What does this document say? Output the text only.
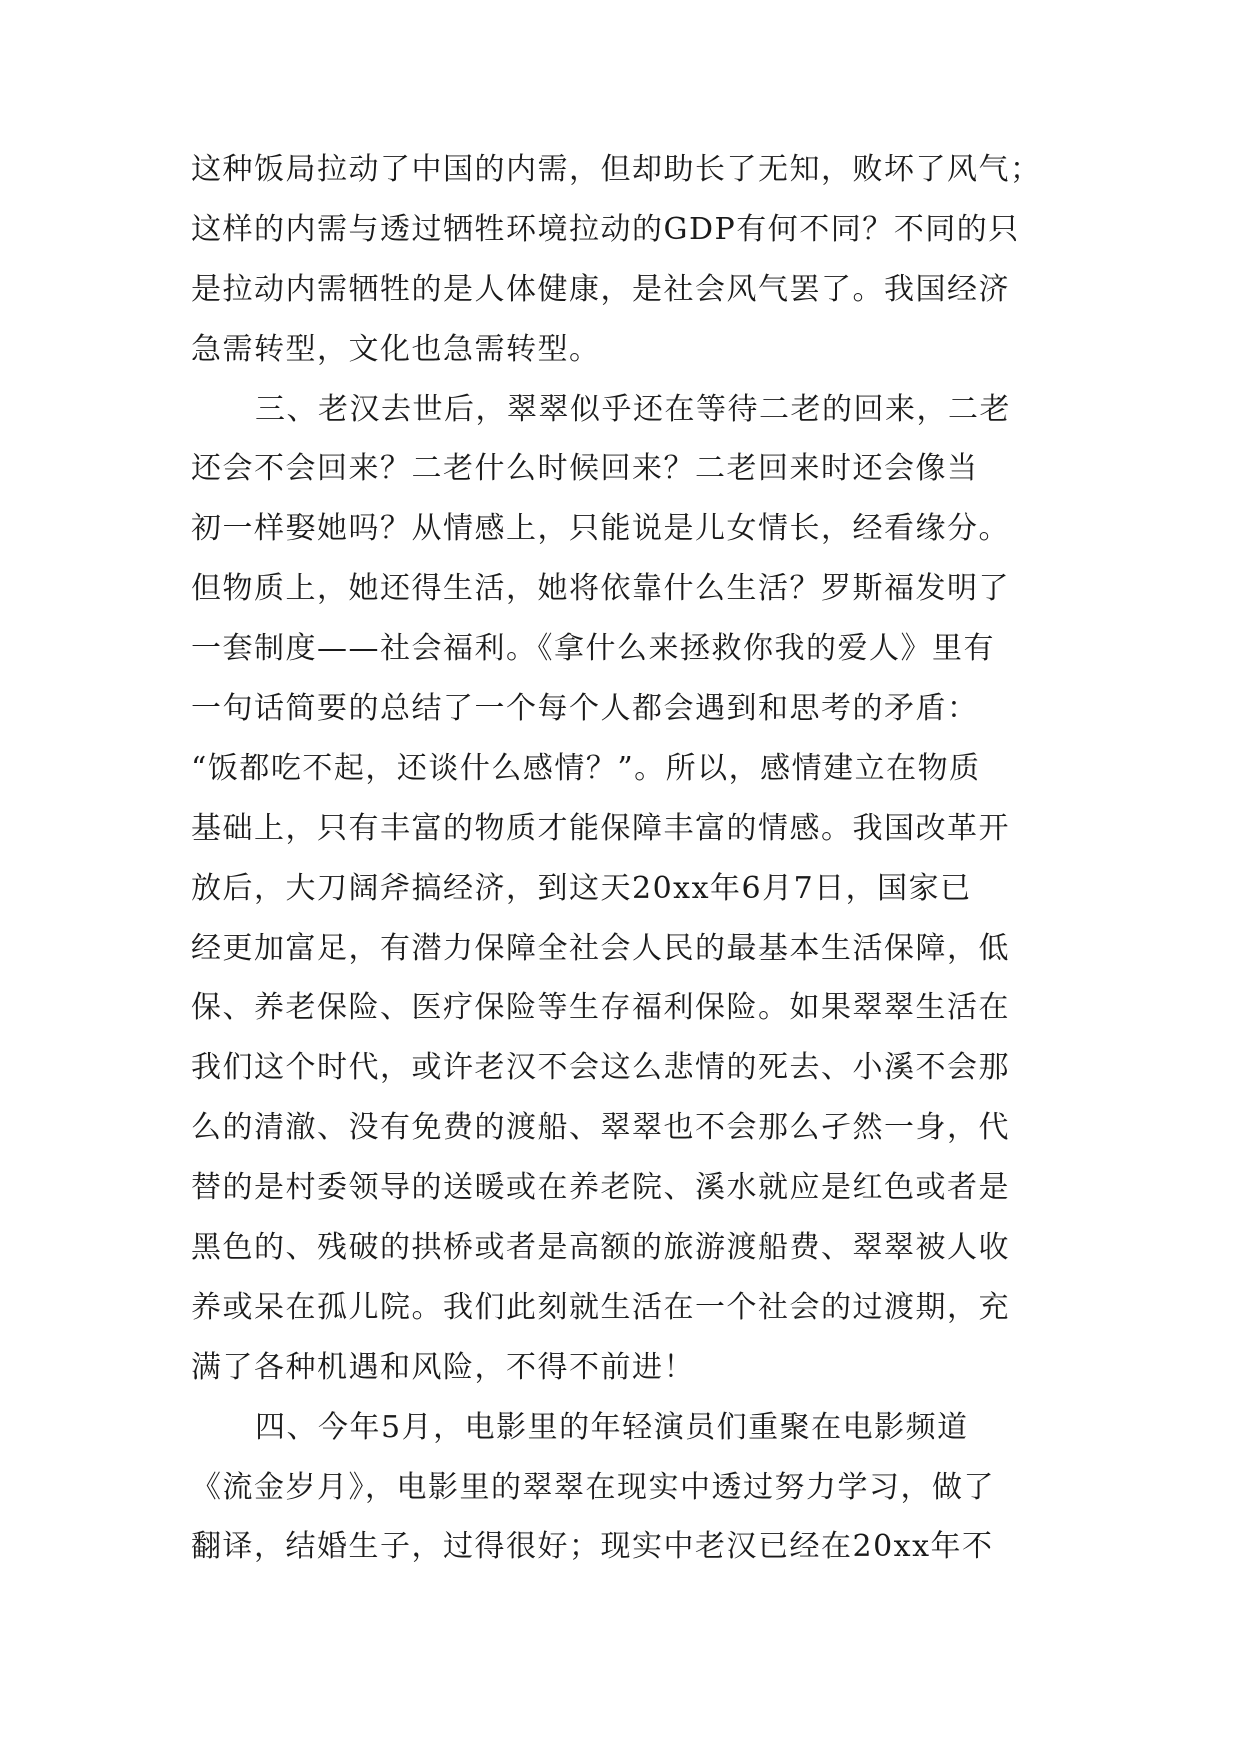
这种饭局拉动了中国的内需，但却助长了无知，败坏了风气；
这样的内需与透过牺牲环境拉动的GDP有何不同？不同的只
是拉动内需牺牲的是人体健康，是社会风气罢了。我国经济
急需转型，文化也急需转型。
三、老汉去世后，翠翠似乎还在等待二老的回来，二老
还会不会回来？二老什么时候回来？二老回来时还会像当
初一样娶她吗？从情感上，只能说是儿女情长，经看缘分。
但物质上，她还得生活，她将依靠什么生活？罗斯福发明了
一套制度——社会福利。《拿什么来拯救你我的爱人》里有
一句话简要的总结了一个每个人都会遇到和思考的矛盾：
“饭都吃不起，还谈什么感情？”。所以，感情建立在物质
基础上，只有丰富的物质才能保障丰富的情感。我国改革开
放后，大刀阔斧搞经济，到这天20xx年6月7日，国家已
经更加富足，有潜力保障全社会人民的最基本生活保障，低
保、养老保险、医疗保险等生存福利保险。如果翠翠生活在
我们这个时代，或许老汉不会这么悲情的死去、小溪不会那
么的清澈、没有免费的渡船、翠翠也不会那么孑然一身，代
替的是村委领导的送暖或在养老院、溪水就应是红色或者是
黑色的、残破的拱桥或者是高额的旅游渡船费、翠翠被人收
养或呆在孤儿院。我们此刻就生活在一个社会的过渡期，充
满了各种机遇和风险，不得不前进！
四、今年5月，电影里的年轻演员们重聚在电影频道
《流金岁月》，电影里的翠翠在现实中透过努力学习，做了
翻译，结婚生子，过得很好；现实中老汉已经在20xx年不
